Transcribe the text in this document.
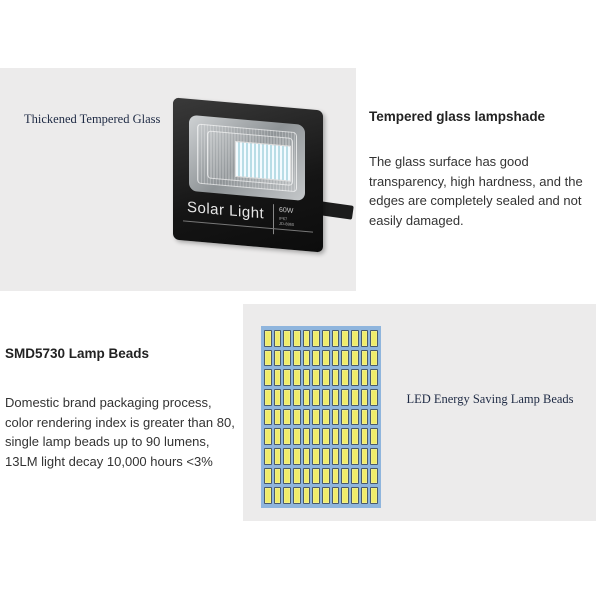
Thickened Tempered Glass
Solar Light 60W
IP67
JD-8860
Tempered glass lampshade
The glass surface has good transparency, high hardness, and the edges are completely sealed and not easily damaged.
SMD5730 Lamp Beads
Domestic brand packaging process, color rendering index is greater than 80, single lamp beads up to 90 lumens, 13LM light decay 10,000 hours <3%
LED Energy Saving Lamp Beads
